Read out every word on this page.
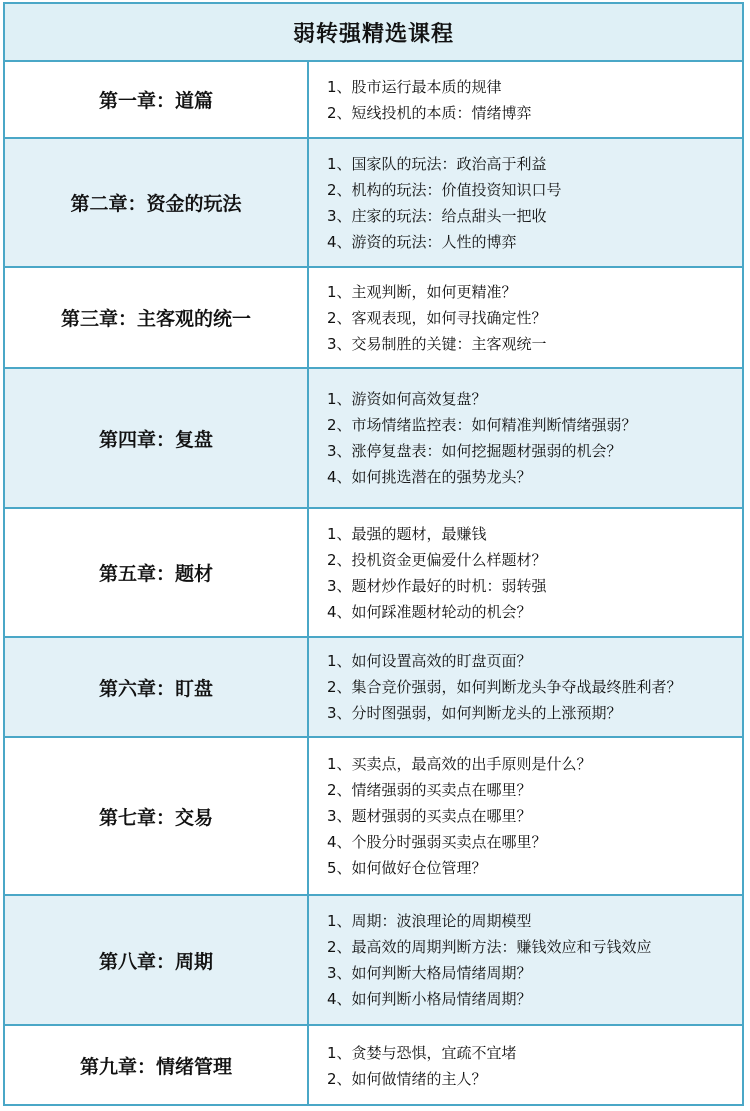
弱转强精选课程
第一章：道篇
1、股市运行最本质的规律
2、短线投机的本质：情绪博弈
第二章：资金的玩法
1、国家队的玩法：政治高于利益
2、机构的玩法：价值投资知识口号
3、庄家的玩法：给点甜头一把收
4、游资的玩法：人性的博弈
第三章：主客观的统一
1、主观判断，如何更精准？
2、客观表现，如何寻找确定性？
3、交易制胜的关键：主客观统一
第四章：复盘
1、游资如何高效复盘？
2、市场情绪监控表：如何精准判断情绪强弱？
3、涨停复盘表：如何挖掘题材强弱的机会？
4、如何挑选潜在的强势龙头？
第五章：题材
1、最强的题材，最赚钱
2、投机资金更偏爱什么样题材？
3、题材炒作最好的时机：弱转强
4、如何踩准题材轮动的机会？
第六章：盯盘
1、如何设置高效的盯盘页面？
2、集合竞价强弱，如何判断龙头争夺战最终胜利者？
3、分时图强弱，如何判断龙头的上涨预期？
第七章：交易
1、买卖点，最高效的出手原则是什么？
2、情绪强弱的买卖点在哪里？
3、题材强弱的买卖点在哪里？
4、个股分时强弱买卖点在哪里？
5、如何做好仓位管理？
第八章：周期
1、周期：波浪理论的周期模型
2、最高效的周期判断方法：赚钱效应和亏钱效应
3、如何判断大格局情绪周期？
4、如何判断小格局情绪周期？
第九章：情绪管理
1、贪婪与恐惧，宜疏不宜堵
2、如何做情绪的主人？
